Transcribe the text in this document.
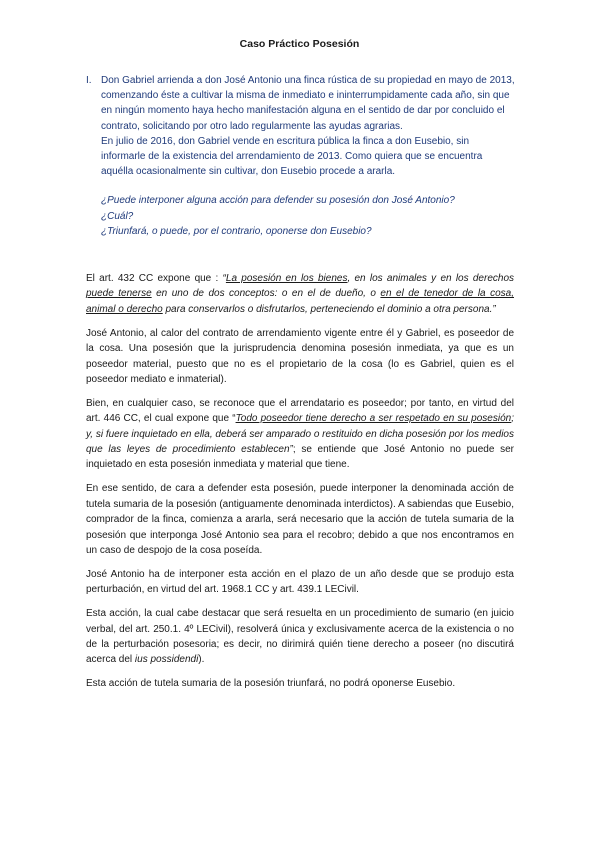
Caso Práctico Posesión
I. Don Gabriel arrienda a don José Antonio una finca rústica de su propiedad en mayo de 2013, comenzando éste a cultivar la misma de inmediato e ininterrumpidamente cada año, sin que en ningún momento haya hecho manifestación alguna en el sentido de dar por concluido el contrato, solicitando por otro lado regularmente las ayudas agrarias.

En julio de 2016, don Gabriel vende en escritura pública la finca a don Eusebio, sin informarle de la existencia del arrendamiento de 2013. Como quiera que se encuentra aquélla ocasionalmente sin cultivar, don Eusebio procede a ararla.

¿Puede interponer alguna acción para defender su posesión don José Antonio?

¿Cuál?

¿Triunfará, o puede, por el contrario, oponerse don Eusebio?

El art. 432 CC expone que : “La posesión en los bienes, en los animales y en los derechos puede tenerse en uno de dos conceptos: o en el de dueño, o en el de tenedor de la cosa, animal o derecho para conservarlos o disfrutarlos, perteneciendo el dominio a otra persona.”

José Antonio, al calor del contrato de arrendamiento vigente entre él y Gabriel, es poseedor de la cosa. Una posesión que la jurisprudencia denomina posesión inmediata, ya que es un poseedor material, puesto que no es el propietario de la cosa (lo es Gabriel, quien es el poseedor mediato e inmaterial).

Bien, en cualquier caso, se reconoce que el arrendatario es poseedor; por tanto, en virtud del art. 446 CC, el cual expone que “Todo poseedor tiene derecho a ser respetado en su posesión; y, si fuere inquietado en ella, deberá ser amparado o restituido en dicha posesión por los medios que las leyes de procedimiento establecen”; se entiende que José Antonio no puede ser inquietado en esta posesión inmediata y material que tiene.

En ese sentido, de cara a defender esta posesión, puede interponer la denominada acción de tutela sumaria de la posesión (antiguamente denominada interdictos). A sabiendas que Eusebio, comprador de la finca, comienza a ararla, será necesario que la acción de tutela sumaria de la posesión que interponga José Antonio sea para el recobro; debido a que nos encontramos en un caso de despojo de la cosa poseída.

José Antonio ha de interponer esta acción en el plazo de un año desde que se produjo esta perturbación, en virtud del art. 1968.1 CC y art. 439.1 LECivil.

Esta acción, la cual cabe destacar que será resuelta en un procedimiento de sumario (en juicio verbal, del art. 250.1. 4º LECivil), resolverá única y exclusivamente acerca de la existencia o no de la perturbación posesoria; es decir, no dirimirá quién tiene derecho a poseer (no discutirá acerca del ius possidendi).

Esta acción de tutela sumaria de la posesión triunfará, no podrá oponerse Eusebio.
